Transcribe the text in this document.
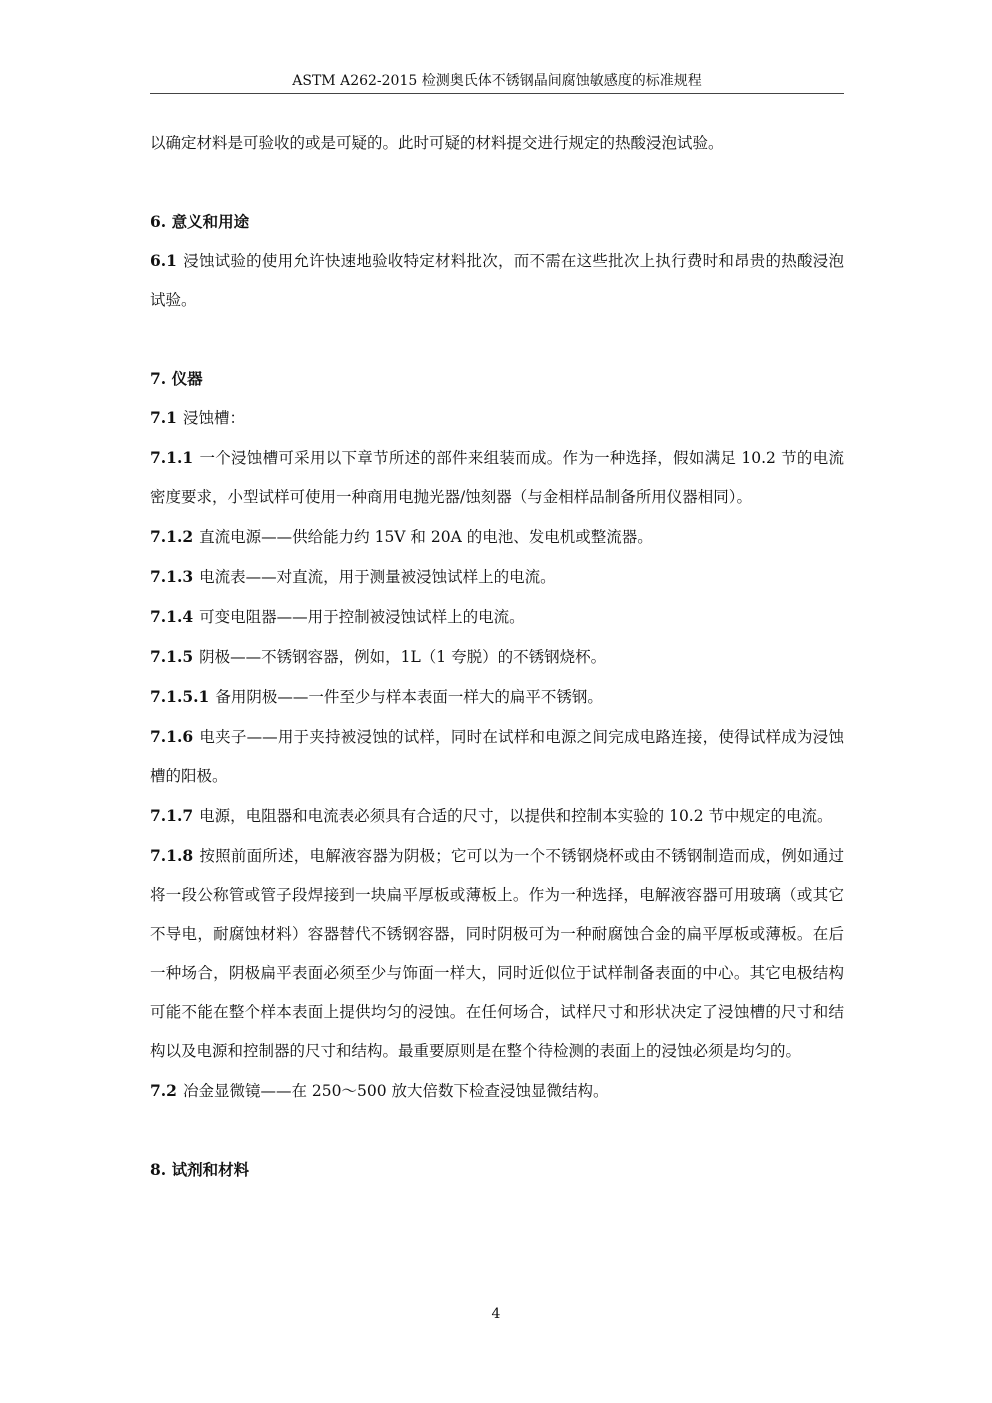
ASTM A262-2015 检测奥氏体不锈钢晶间腐蚀敏感度的标准规程

以确定材料是可验收的或是可疑的。此时可疑的材料提交进行规定的热酸浸泡试验。

6. 意义和用途

6.1 浸蚀试验的使用允许快速地验收特定材料批次，而不需在这些批次上执行费时和昂贵的热酸浸泡试验。

7. 仪器

7.1 浸蚀槽：

7.1.1 一个浸蚀槽可采用以下章节所述的部件来组装而成。作为一种选择，假如满足 10.2 节的电流密度要求，小型试样可使用一种商用电抛光器/蚀刻器（与金相样品制备所用仪器相同）。

7.1.2 直流电源——供给能力约 15V 和 20A 的电池、发电机或整流器。

7.1.3 电流表——对直流，用于测量被浸蚀试样上的电流。

7.1.4 可变电阻器——用于控制被浸蚀试样上的电流。

7.1.5 阴极——不锈钢容器，例如，1L（1 夸脱）的不锈钢烧杯。

7.1.5.1 备用阴极——一件至少与样本表面一样大的扁平不锈钢。

7.1.6 电夹子——用于夹持被浸蚀的试样，同时在试样和电源之间完成电路连接，使得试样成为浸蚀槽的阳极。

7.1.7 电源，电阻器和电流表必须具有合适的尺寸，以提供和控制本实验的 10.2 节中规定的电流。

7.1.8 按照前面所述，电解液容器为阴极；它可以为一个不锈钢烧杯或由不锈钢制造而成，例如通过将一段公称管或管子段焊接到一块扁平厚板或薄板上。作为一种选择，电解液容器可用玻璃（或其它不导电，耐腐蚀材料）容器替代不锈钢容器，同时阴极可为一种耐腐蚀合金的扁平厚板或薄板。在后一种场合，阴极扁平表面必须至少与饰面一样大，同时近似位于试样制备表面的中心。其它电极结构可能不能在整个样本表面上提供均匀的浸蚀。在任何场合，试样尺寸和形状决定了浸蚀槽的尺寸和结构以及电源和控制器的尺寸和结构。最重要原则是在整个待检测的表面上的浸蚀必须是均匀的。

7.2 冶金显微镜——在 250～500 放大倍数下检查浸蚀显微结构。

8. 试剂和材料

4
